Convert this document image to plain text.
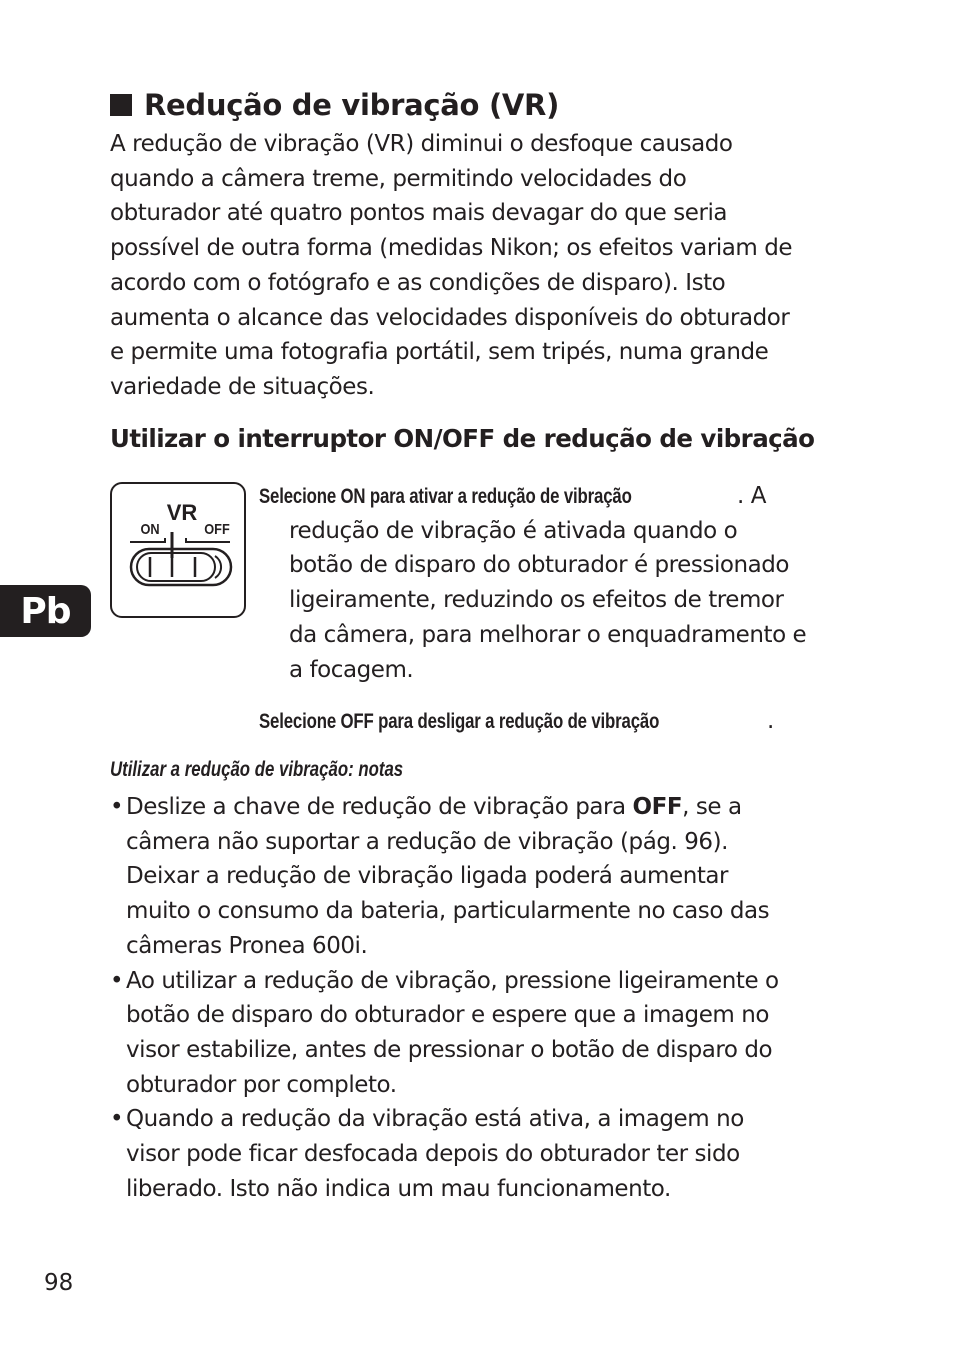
Redução de vibração (VR)
A redução de vibração (VR) diminui o desfoque causado
quando a câmera treme, permitindo velocidades do
obturador até quatro pontos mais devagar do que seria
possível de outra forma (medidas Nikon; os efeitos variam de
acordo com o fotógrafo e as condições de disparo). Isto
aumenta o alcance das velocidades disponíveis do obturador
e permite uma fotografia portátil, sem tripés, numa grande
variedade de situações.
Utilizar o interruptor ON/OFF de redução de vibração
VR
ON	OFF
Selecione ON para ativar a redução de vibração	. A
redução de vibração é ativada quando o
botão de disparo do obturador é pressionado
ligeiramente, reduzindo os efeitos de tremor
da câmera, para melhorar o enquadramento e
a focagem.
Selecione OFF para desligar a redução de vibração	.
Utilizar a redução de vibração: notas
• Deslize a chave de redução de vibração para OFF, se a
câmera não suportar a redução de vibração (pág. 96).
Deixar a redução de vibração ligada poderá aumentar
muito o consumo da bateria, particularmente no caso das
câmeras Pronea 600i.
• Ao utilizar a redução de vibração, pressione ligeiramente o
botão de disparo do obturador e espere que a imagem no
visor estabilize, antes de pressionar o botão de disparo do
obturador por completo.
• Quando a redução da vibração está ativa, a imagem no
visor pode ficar desfocada depois do obturador ter sido
liberado. Isto não indica um mau funcionamento.
Pb
98
